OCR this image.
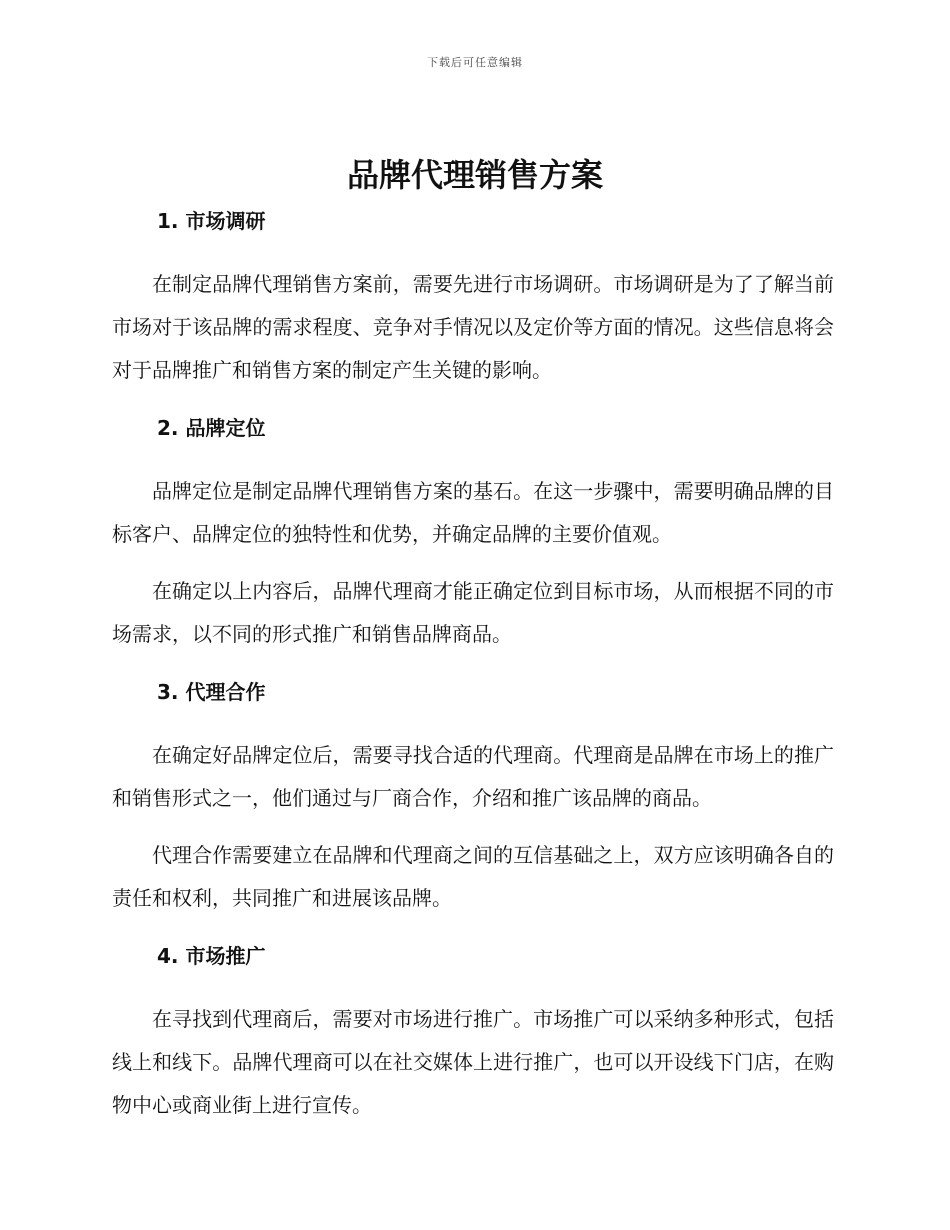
下载后可任意编辑
品牌代理销售方案
1. 市场调研

在制定品牌代理销售方案前，需要先进行市场调研。市场调研是为了了解当前市场对于该品牌的需求程度、竞争对手情况以及定价等方面的情况。这些信息将会对于品牌推广和销售方案的制定产生关键的影响。

2. 品牌定位

品牌定位是制定品牌代理销售方案的基石。在这一步骤中，需要明确品牌的目标客户、品牌定位的独特性和优势，并确定品牌的主要价值观。

在确定以上内容后，品牌代理商才能正确定位到目标市场，从而根据不同的市场需求，以不同的形式推广和销售品牌商品。

3. 代理合作

在确定好品牌定位后，需要寻找合适的代理商。代理商是品牌在市场上的推广和销售形式之一，他们通过与厂商合作，介绍和推广该品牌的商品。

代理合作需要建立在品牌和代理商之间的互信基础之上，双方应该明确各自的责任和权利，共同推广和进展该品牌。

4. 市场推广

在寻找到代理商后，需要对市场进行推广。市场推广可以采纳多种形式，包括线上和线下。品牌代理商可以在社交媒体上进行推广，也可以开设线下门店，在购物中心或商业街上进行宣传。
